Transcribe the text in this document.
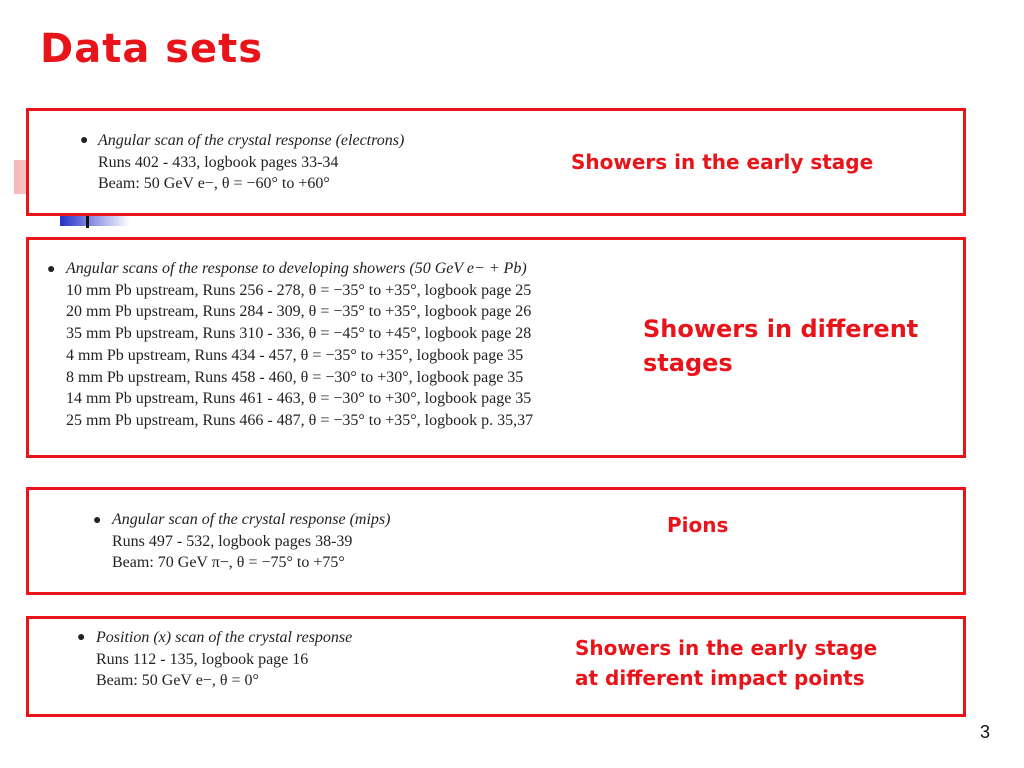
Data sets
● Angular scan of the crystal response (electrons)
Runs 402 - 433, logbook pages 33-34
Beam: 50 GeV e−, θ = −60° to +60°
Showers in the early stage
● Angular scans of the response to developing showers (50 GeV e− + Pb)
10 mm Pb upstream, Runs 256 - 278, θ = −35° to +35°, logbook page 25
20 mm Pb upstream, Runs 284 - 309, θ = −35° to +35°, logbook page 26
35 mm Pb upstream, Runs 310 - 336, θ = −45° to +45°, logbook page 28
4 mm Pb upstream, Runs 434 - 457, θ = −35° to +35°, logbook page 35
8 mm Pb upstream, Runs 458 - 460, θ = −30° to +30°, logbook page 35
14 mm Pb upstream, Runs 461 - 463, θ = −30° to +30°, logbook page 35
25 mm Pb upstream, Runs 466 - 487, θ = −35° to +35°, logbook p. 35,37
Showers in different
stages
● Angular scan of the crystal response (mips)
Runs 497 - 532, logbook pages 38-39
Beam: 70 GeV π−, θ = −75° to +75°
Pions
● Position (x) scan of the crystal response
Runs 112 - 135, logbook page 16
Beam: 50 GeV e−, θ = 0°
Showers in the early stage
at different impact points
3
